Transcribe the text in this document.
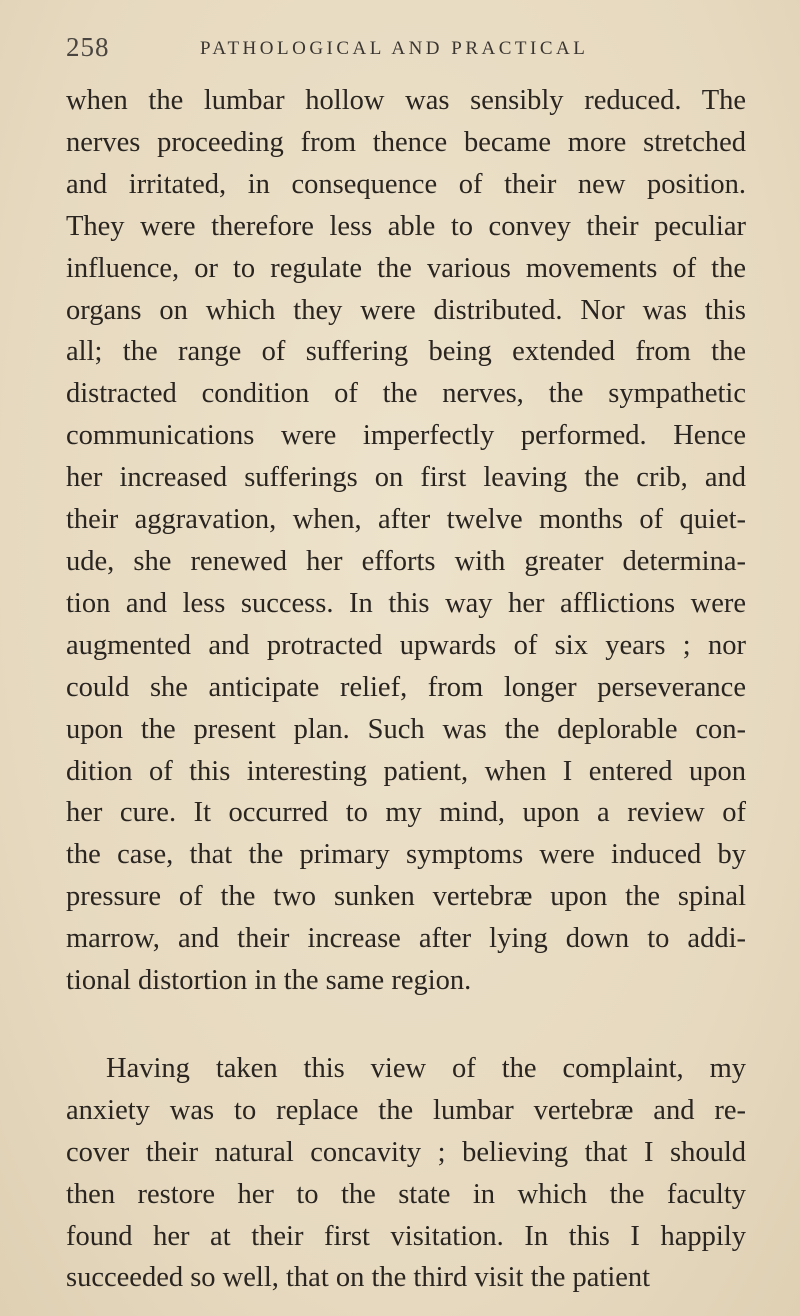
258	PATHOLOGICAL AND PRACTICAL
when the lumbar hollow was sensibly reduced. The
nerves proceeding from thence became more stretched
and irritated, in consequence of their new position.
They were therefore less able to convey their peculiar
influence, or to regulate the various movements of the
organs on which they were distributed. Nor was this
all; the range of suffering being extended from the
distracted condition of the nerves, the sympathetic
communications were imperfectly performed. Hence
her increased sufferings on first leaving the crib, and
their aggravation, when, after twelve months of quiet-
ude, she renewed her efforts with greater determina-
tion and less success. In this way her afflictions were
augmented and protracted upwards of six years ; nor
could she anticipate relief, from longer perseverance
upon the present plan. Such was the deplorable con-
dition of this interesting patient, when I entered upon
her cure. It occurred to my mind, upon a review of
the case, that the primary symptoms were induced by
pressure of the two sunken vertebræ upon the spinal
marrow, and their increase after lying down to addi-
tional distortion in the same region.
Having taken this view of the complaint, my
anxiety was to replace the lumbar vertebræ and re-
cover their natural concavity ; believing that I should
then restore her to the state in which the faculty
found her at their first visitation. In this I happily
succeeded so well, that on the third visit the patient
